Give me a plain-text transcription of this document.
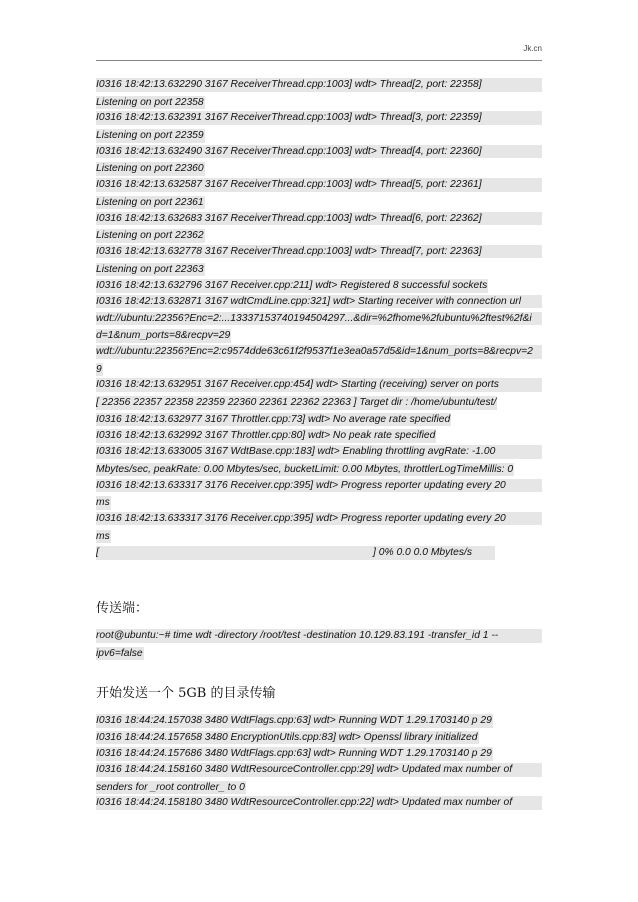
Jk.cn
I0316 18:42:13.632290 3167 ReceiverThread.cpp:1003] wdt> Thread[2, port: 22358]
Listening on port 22358
I0316 18:42:13.632391 3167 ReceiverThread.cpp:1003] wdt> Thread[3, port: 22359]
Listening on port 22359
I0316 18:42:13.632490 3167 ReceiverThread.cpp:1003] wdt> Thread[4, port: 22360]
Listening on port 22360
I0316 18:42:13.632587 3167 ReceiverThread.cpp:1003] wdt> Thread[5, port: 22361]
Listening on port 22361
I0316 18:42:13.632683 3167 ReceiverThread.cpp:1003] wdt> Thread[6, port: 22362]
Listening on port 22362
I0316 18:42:13.632778 3167 ReceiverThread.cpp:1003] wdt> Thread[7, port: 22363]
Listening on port 22363
I0316 18:42:13.632796 3167 Receiver.cpp:211] wdt> Registered 8 successful sockets
I0316 18:42:13.632871 3167 wdtCmdLine.cpp:321] wdt> Starting receiver with connection url
wdt://ubuntu:22356?Enc=2:...13337153740194504297...&dir=%2fhome%2fubuntu%2ftest%2f&i
d=1&num_ports=8&recpv=29
wdt://ubuntu:22356?Enc=2:c9574dde63c61f2f9537f1e3ea0a57d5&id=1&num_ports=8&recpv=2
9
I0316 18:42:13.632951 3167 Receiver.cpp:454] wdt> Starting (receiving) server on ports
[ 22356 22357 22358 22359 22360 22361 22362 22363 ] Target dir : /home/ubuntu/test/
I0316 18:42:13.632977 3167 Throttler.cpp:73] wdt> No average rate specified
I0316 18:42:13.632992 3167 Throttler.cpp:80] wdt> No peak rate specified
I0316 18:42:13.633005 3167 WdtBase.cpp:183] wdt> Enabling throttling avgRate: -1.00
Mbytes/sec, peakRate: 0.00 Mbytes/sec, bucketLimit: 0.00 Mbytes, throttlerLogTimeMillis: 0
I0316 18:42:13.633317 3176 Receiver.cpp:395] wdt> Progress reporter updating every 20
ms
I0316 18:42:13.633317 3176 Receiver.cpp:395] wdt> Progress reporter updating every 20
ms
[	] 0% 0.0 0.0 Mbytes/s
传送端：
root@ubuntu:~# time wdt -directory /root/test -destination 10.129.83.191 -transfer_id 1 --
ipv6=false
开始发送一个 5GB 的目录传输
I0316 18:44:24.157038 3480 WdtFlags.cpp:63] wdt> Running WDT 1.29.1703140 p 29
I0316 18:44:24.157658 3480 EncryptionUtils.cpp:83] wdt> Openssl library initialized
I0316 18:44:24.157686 3480 WdtFlags.cpp:63] wdt> Running WDT 1.29.1703140 p 29
I0316 18:44:24.158160 3480 WdtResourceController.cpp:29] wdt> Updated max number of
senders for _root controller_ to 0
I0316 18:44:24.158180 3480 WdtResourceController.cpp:22] wdt> Updated max number of
